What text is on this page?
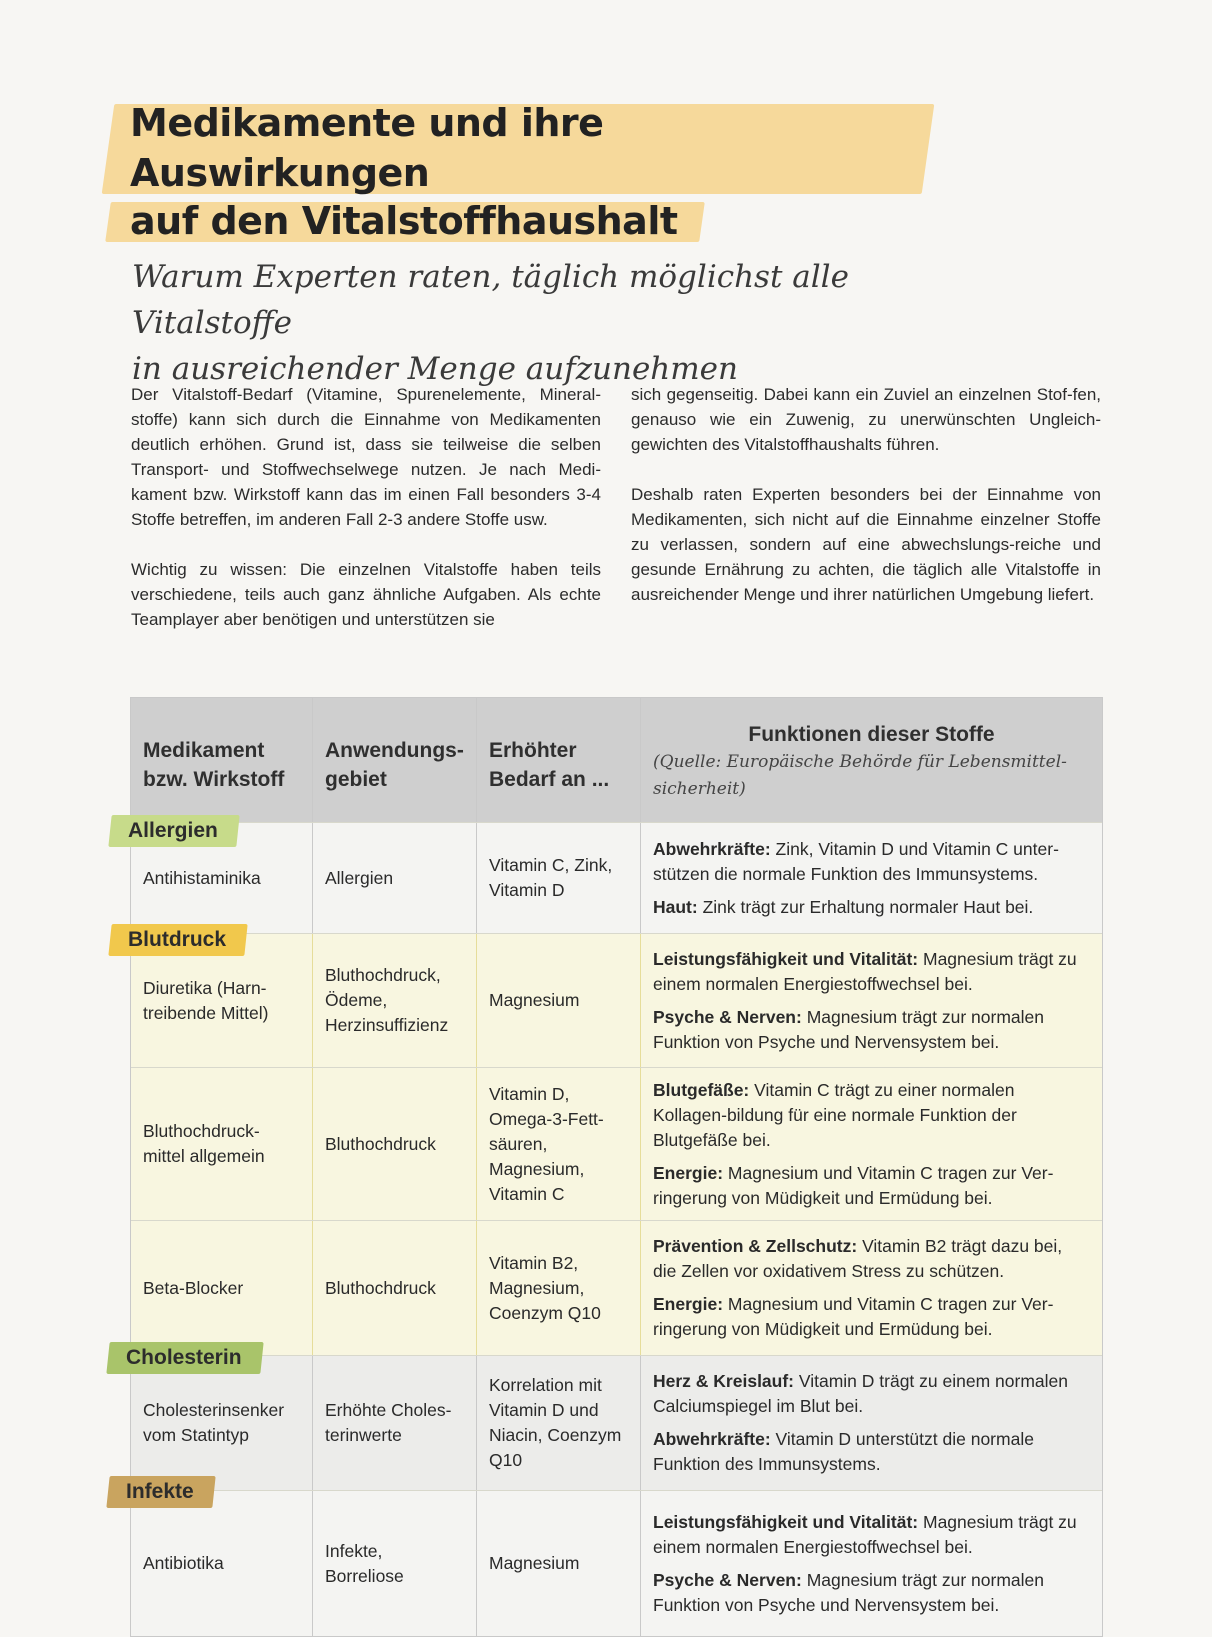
Medikamente und ihre Auswirkungen
auf den Vitalstoffhaushalt
Warum Experten raten, täglich möglichst alle Vitalstoffe
in ausreichender Menge aufzunehmen

Der Vitalstoff-Bedarf (Vitamine, Spurenelemente, Mineral-stoffe) kann sich durch die Einnahme von Medikamenten deutlich erhöhen. Grund ist, dass sie teilweise die selben Transport- und Stoffwechselwege nutzen. Je nach Medi-kament bzw. Wirkstoff kann das im einen Fall besonders 3-4 Stoffe betreffen, im anderen Fall 2-3 andere Stoffe usw.

Wichtig zu wissen: Die einzelnen Vitalstoffe haben teils verschiedene, teils auch ganz ähnliche Aufgaben. Als echte Teamplayer aber benötigen und unterstützen sie

sich gegenseitig. Dabei kann ein Zuviel an einzelnen Stof-fen, genauso wie ein Zuwenig, zu unerwünschten Ungleich-gewichten des Vitalstoffhaushalts führen.

Deshalb raten Experten besonders bei der Einnahme von Medikamenten, sich nicht auf die Einnahme einzelner Stoffe zu verlassen, sondern auf eine abwechslungs-reiche und gesunde Ernährung zu achten, die täglich alle Vitalstoffe in ausreichender Menge und ihrer natürlichen Umgebung liefert.

Medikament bzw. Wirkstoff
Anwendungs-gebiet
Erhöhter Bedarf an ...
Funktionen dieser Stoffe
(Quelle: Europäische Behörde für Lebensmittel-sicherheit)
Antihistaminika	Allergien
Vitamin C, Zink, Vitamin D
Abwehrkräfte: Zink, Vitamin D und Vitamin C unter-stützen die normale Funktion des Immunsystems.
Haut: Zink trägt zur Erhaltung normaler Haut bei.
Diuretika (Harn-treibende Mittel)
Bluthochdruck, Ödeme, Herzinsuffizienz
Magnesium
Leistungsfähigkeit und Vitalität: Magnesium trägt zu einem normalen Energiestoffwechsel bei.
Psyche & Nerven: Magnesium trägt zur normalen Funktion von Psyche und Nervensystem bei.
Bluthochdruck-mittel allgemein
Bluthochdruck
Vitamin D, Omega-3-Fett-säuren, Magnesium, Vitamin C
Blutgefäße: Vitamin C trägt zu einer normalen Kollagen-bildung für eine normale Funktion der Blutgefäße bei.
Energie: Magnesium und Vitamin C tragen zur Ver-ringerung von Müdigkeit und Ermüdung bei.
Beta-Blocker	Bluthochdruck
Vitamin B2, Magnesium, Coenzym Q10
Prävention & Zellschutz: Vitamin B2 trägt dazu bei, die Zellen vor oxidativem Stress zu schützen.
Energie: Magnesium und Vitamin C tragen zur Ver-ringerung von Müdigkeit und Ermüdung bei.
Cholesterinsenker vom Statintyp
Erhöhte Choles-terinwerte
Korrelation mit Vitamin D und Niacin, Coenzym Q10
Herz & Kreislauf: Vitamin D trägt zu einem normalen Calciumspiegel im Blut bei.
Abwehrkräfte: Vitamin D unterstützt die normale Funktion des Immunsystems.
Antibiotika
Infekte, Borreliose
Magnesium
Leistungsfähigkeit und Vitalität: Magnesium trägt zu einem normalen Energiestoffwechsel bei.
Psyche & Nerven: Magnesium trägt zur normalen Funktion von Psyche und Nervensystem bei.
Allergien
Blutdruck
Cholesterin
Infekte
